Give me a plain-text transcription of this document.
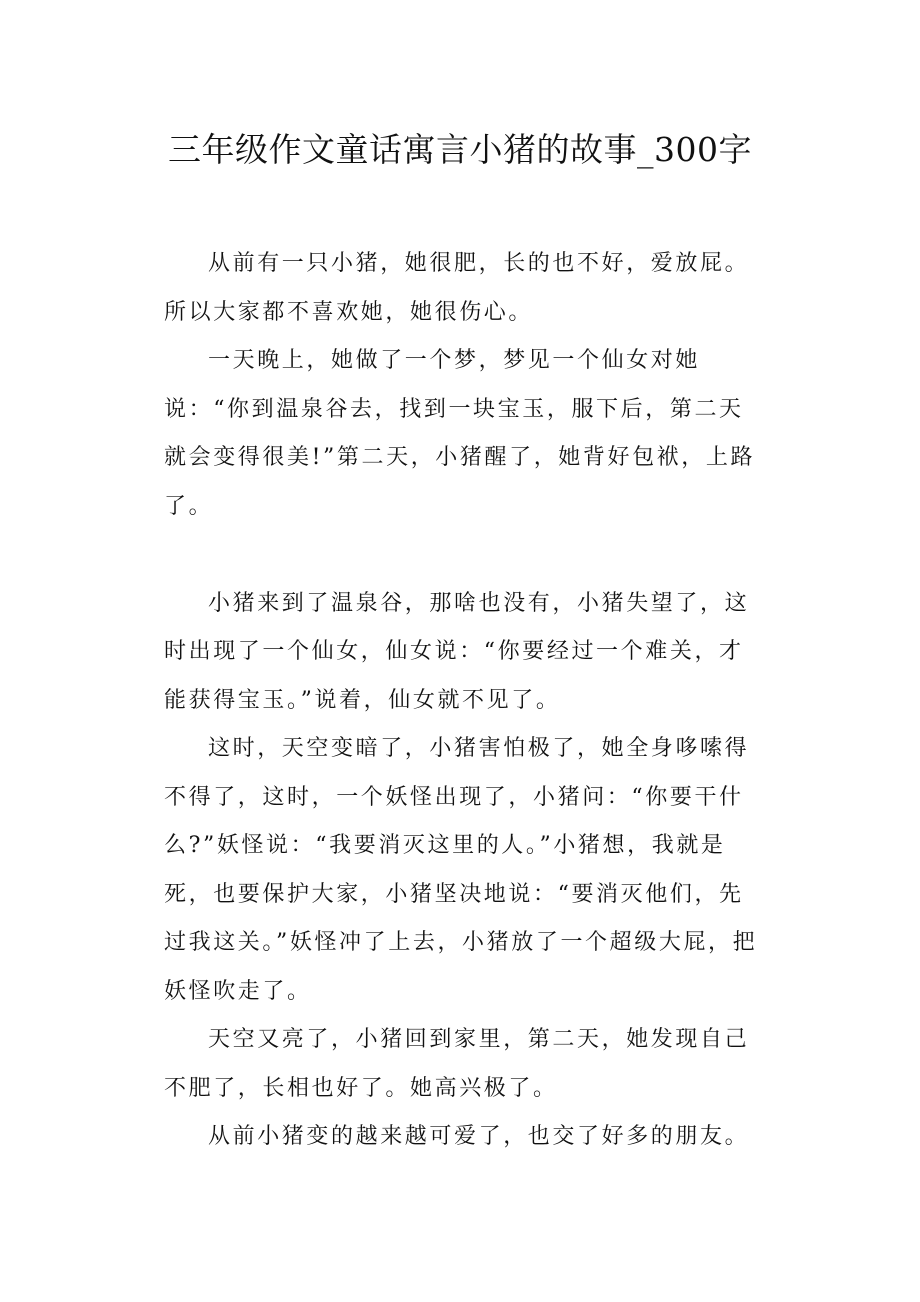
三年级作文童话寓言小猪的故事_300字

从前有一只小猪，她很肥，长的也不好，爱放屁。所以大家都不喜欢她，她很伤心。

一天晚上，她做了一个梦，梦见一个仙女对她说：“你到温泉谷去，找到一块宝玉，服下后，第二天就会变得很美!”第二天，小猪醒了，她背好包袱，上路了。

小猪来到了温泉谷，那啥也没有，小猪失望了，这时出现了一个仙女，仙女说：“你要经过一个难关，才能获得宝玉。”说着，仙女就不见了。

这时，天空变暗了，小猪害怕极了，她全身哆嗦得不得了，这时，一个妖怪出现了，小猪问：“你要干什么?”妖怪说：“我要消灭这里的人。”小猪想，我就是死，也要保护大家，小猪坚决地说：“要消灭他们，先过我这关。”妖怪冲了上去，小猪放了一个超级大屁，把妖怪吹走了。

天空又亮了，小猪回到家里，第二天，她发现自己不肥了，长相也好了。她高兴极了。

从前小猪变的越来越可爱了，也交了好多的朋友。
